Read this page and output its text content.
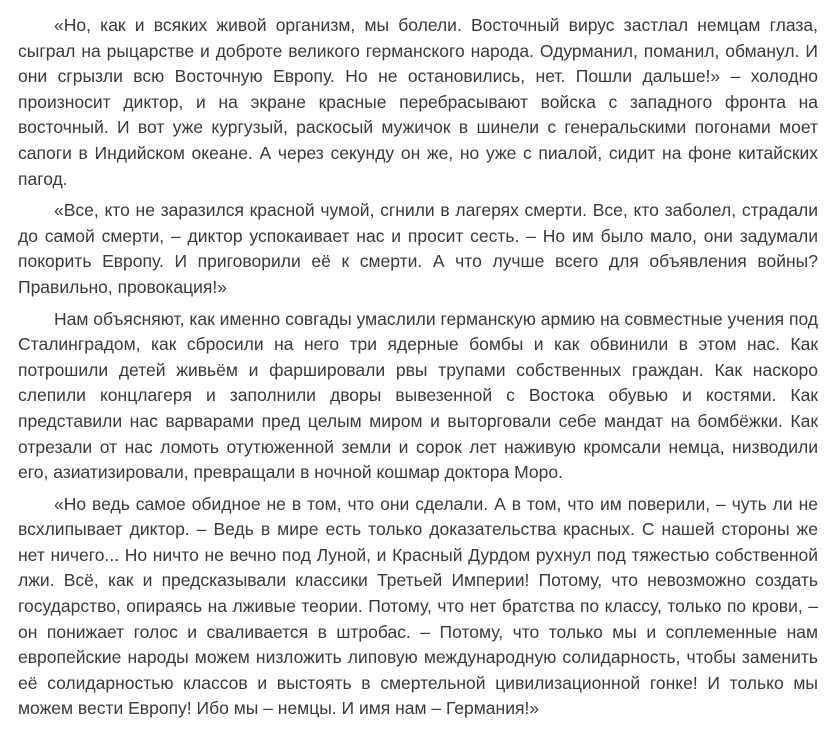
«Но, как и всяких живой организм, мы болели. Восточный вирус застлал немцам глаза, сыграл на рыцарстве и доброте великого германского народа. Одурманил, поманил, обманул. И они сгрызли всю Восточную Европу. Но не остановились, нет. Пошли дальше!» – холодно произносит диктор, и на экране красные перебрасывают войска с западного фронта на восточный. И вот уже кургузый, раскосый мужичок в шинели с генеральскими погонами моет сапоги в Индийском океане. А через секунду он же, но уже с пиалой, сидит на фоне китайских пагод.

«Все, кто не заразился красной чумой, сгнили в лагерях смерти. Все, кто заболел, страдали до самой смерти, – диктор успокаивает нас и просит сесть. – Но им было мало, они задумали покорить Европу. И приговорили её к смерти. А что лучше всего для объявления войны? Правильно, провокация!»

Нам объясняют, как именно совгады умаслили германскую армию на совместные учения под Сталинградом, как сбросили на него три ядерные бомбы и как обвинили в этом нас. Как потрошили детей живьём и фаршировали рвы трупами собственных граждан. Как наскоро слепили концлагеря и заполнили дворы вывезенной с Востока обувью и костями. Как представили нас варварами пред целым миром и выторговали себе мандат на бомбёжки. Как отрезали от нас ломоть отутюженной земли и сорок лет наживую кромсали немца, низводили его, азиатизировали, превращали в ночной кошмар доктора Моро.

«Но ведь самое обидное не в том, что они сделали. А в том, что им поверили, – чуть ли не всхлипывает диктор. – Ведь в мире есть только доказательства красных. С нашей стороны же нет ничего... Но ничто не вечно под Луной, и Красный Дурдом рухнул под тяжестью собственной лжи. Всё, как и предсказывали классики Третьей Империи! Потому, что невозможно создать государство, опираясь на лживые теории. Потому, что нет братства по классу, только по крови, – он понижает голос и сваливается в штробас. – Потому, что только мы и соплеменные нам европейские народы можем низложить липовую международную солидарность, чтобы заменить её солидарностью классов и выстоять в смертельной цивилизационной гонке! И только мы можем вести Европу! Ибо мы – немцы. И имя нам – Германия!»
